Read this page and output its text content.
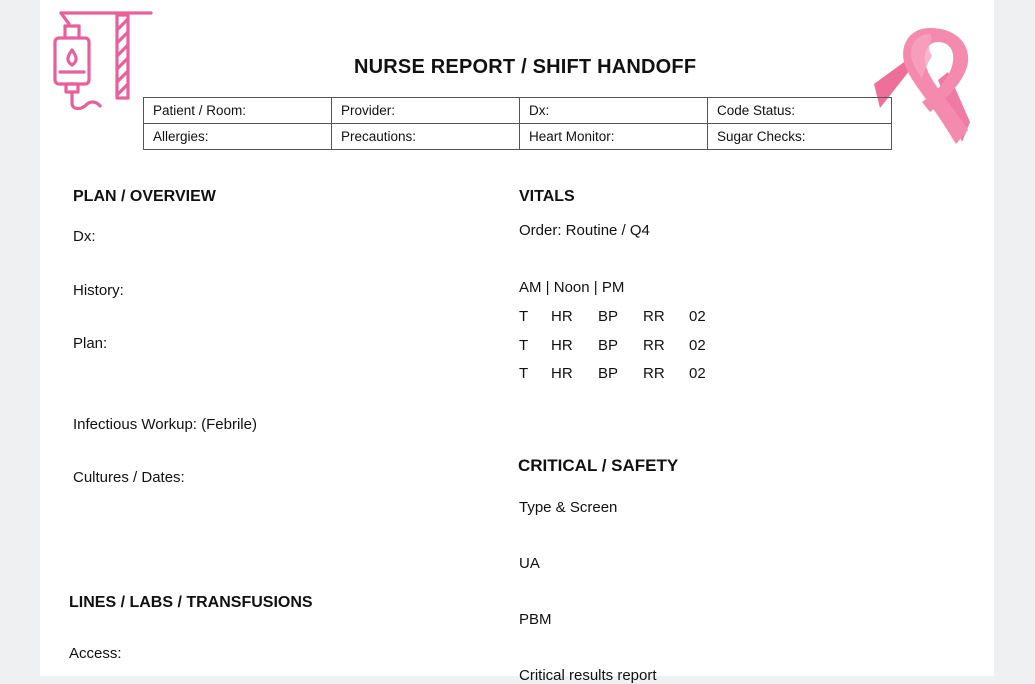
NURSE REPORT / SHIFT HANDOFF
Patient / Room:	Provider:	Dx:	Code Status:
Allergies:	Precautions:	Heart Monitor:	Sugar Checks:
PLAN / OVERVIEW
Dx:
History:
Plan:
Infectious Workup: (Febrile)
Cultures / Dates:
LINES / LABS / TRANSFUSIONS
Access:
VITALS
Order: Routine / Q4
AM | Noon | PM
T HR BP RR 02
T HR BP RR 02
T HR BP RR 02
CRITICAL / SAFETY
Type & Screen
UA
PBM
Critical results report
